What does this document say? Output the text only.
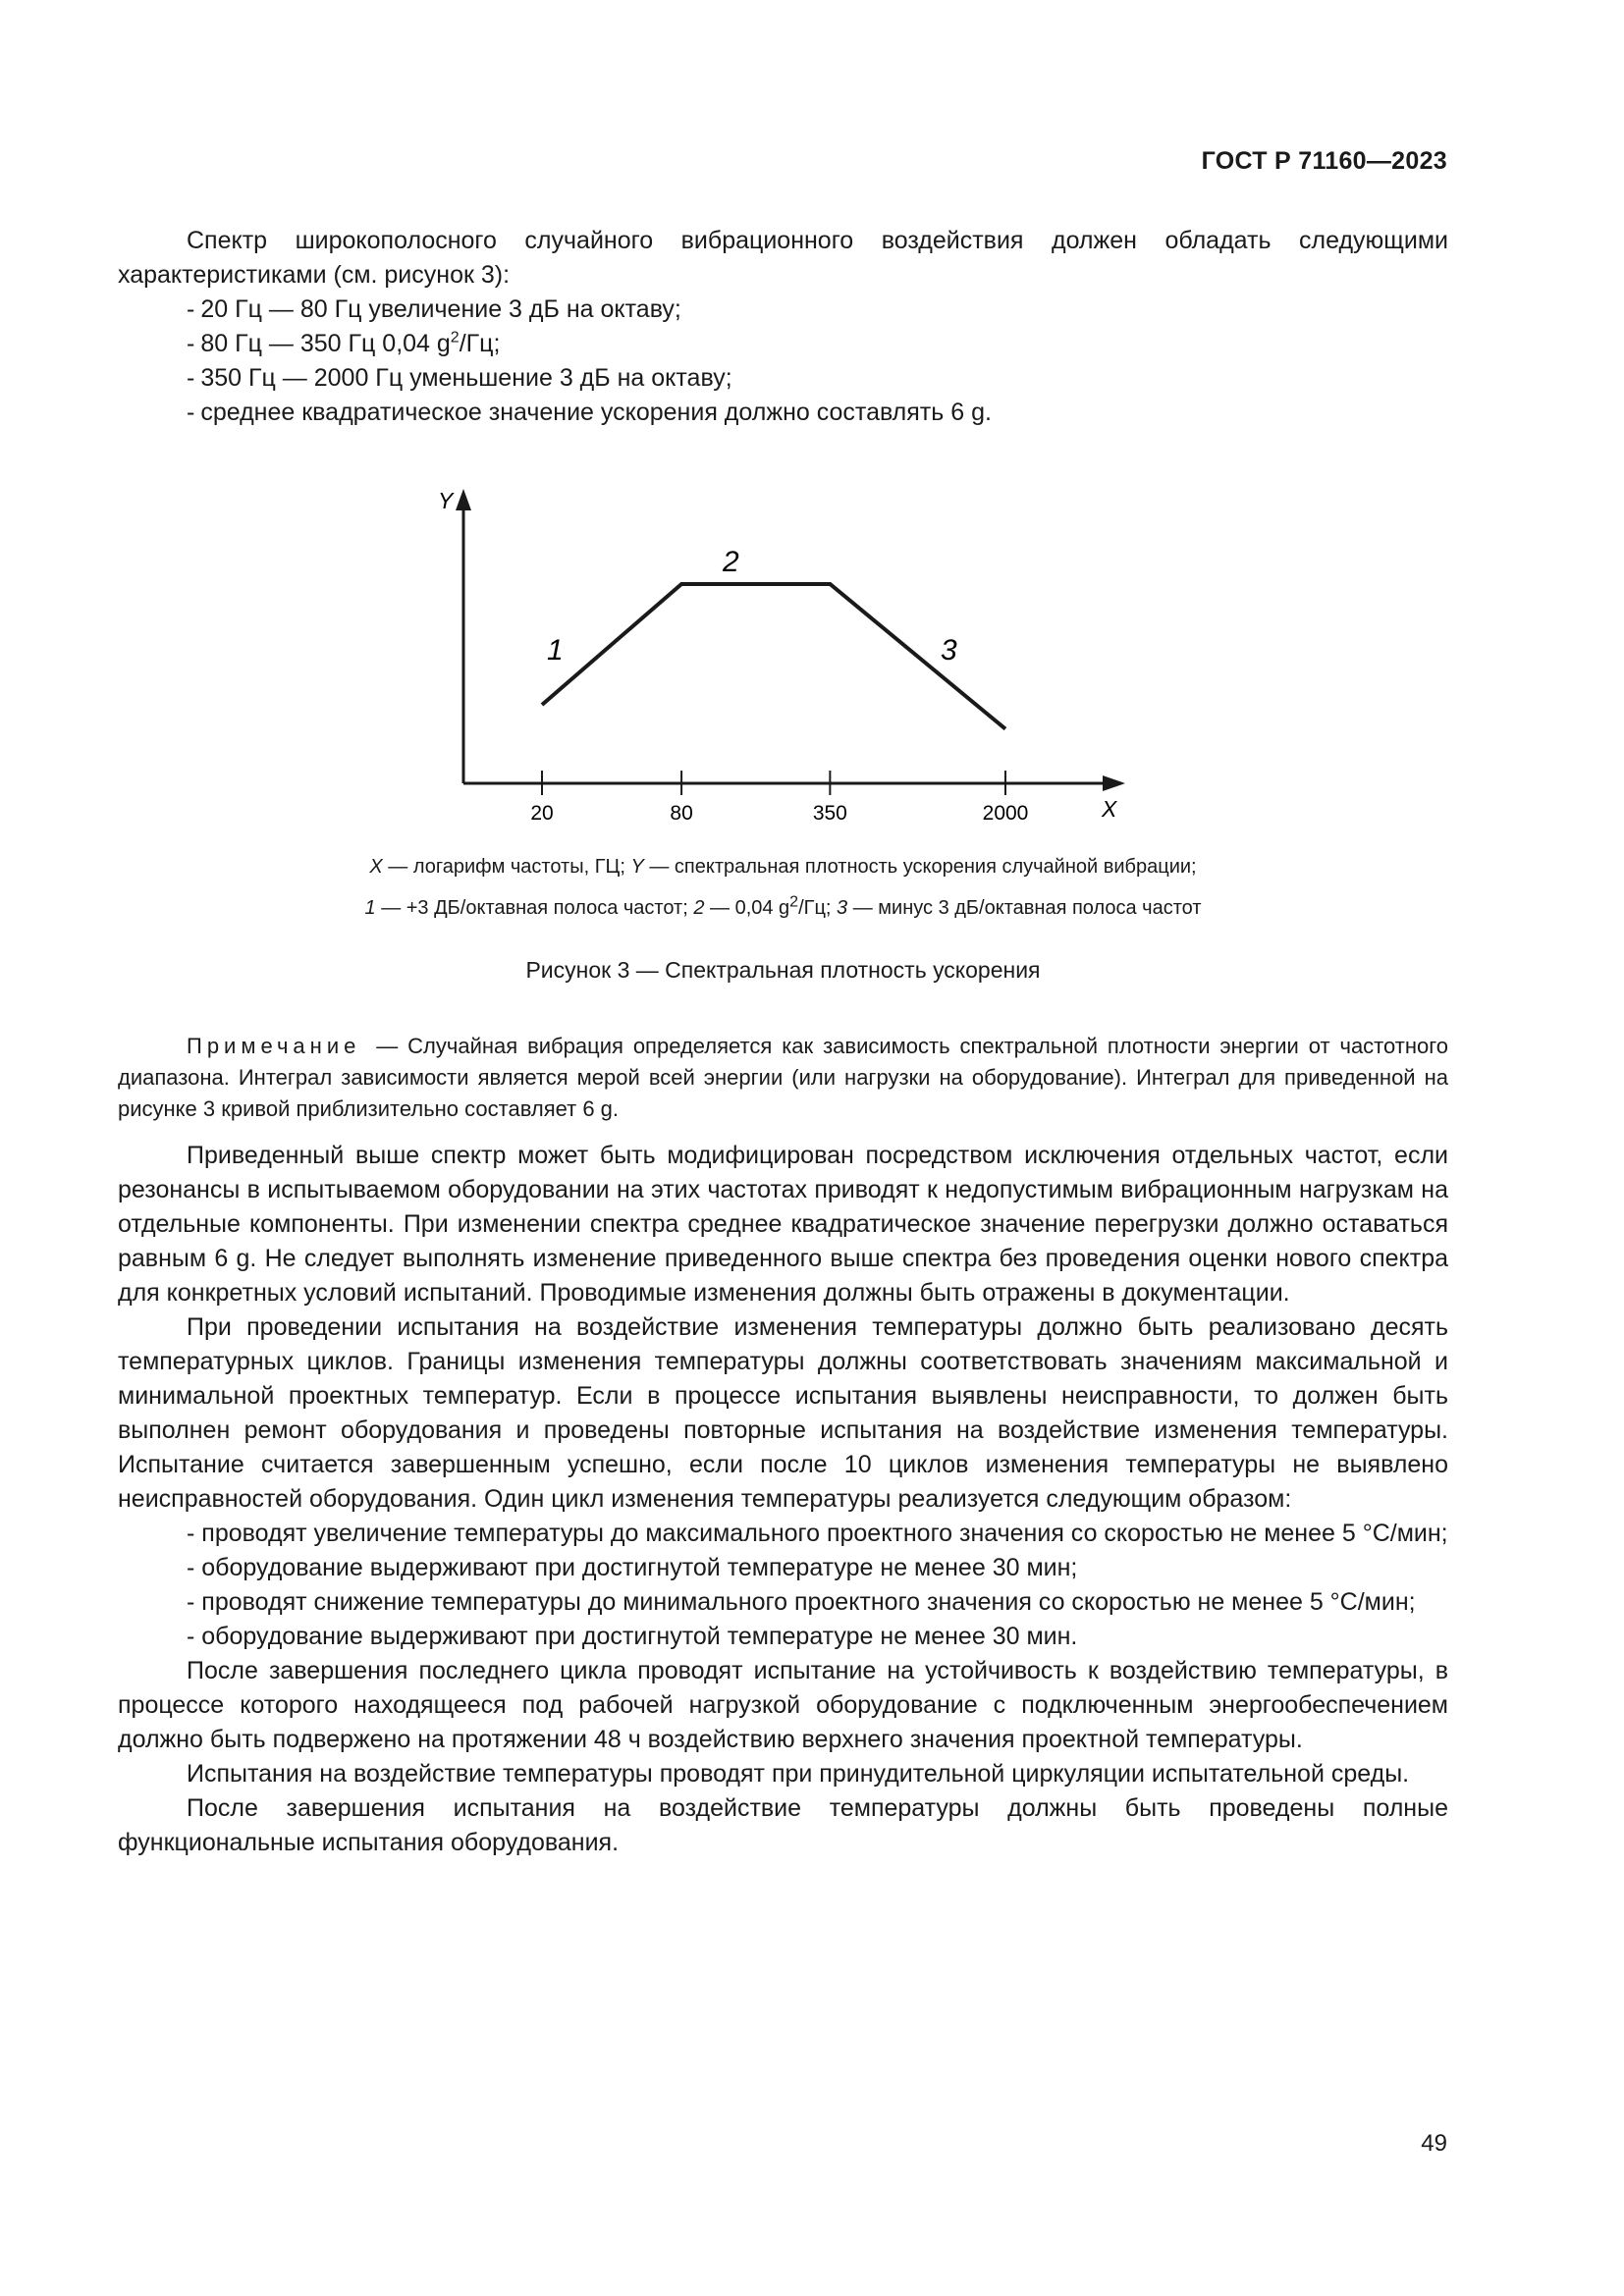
ГОСТ Р 71160—2023

Спектр широкополосного случайного вибрационного воздействия должен обладать следующими характеристиками (см. рисунок 3):

- 20 Гц — 80 Гц увеличение 3 дБ на октаву;

- 80 Гц — 350 Гц 0,04 $g^2/Гц$;

- 350 Гц — 2000 Гц уменьшение 3 дБ на октаву;

- среднее квадратическое значение ускорения должно составлять 6 g.

Y
X
20	80	350	2000
1
2
3
X — логарифм частоты, ГЦ; Y — спектральная плотность ускорения случайной вибрации;
1 — +3 ДБ/октавная полоса частот; 2 — 0,04 $g^2/Гц$; 3 — минус 3 дБ/октавная полоса частот
Рисунок 3 — Спектральная плотность ускорения

Примечание — Случайная вибрация определяется как зависимость спектральной плотности энергии от частотного диапазона. Интеграл зависимости является мерой всей энергии (или нагрузки на оборудование). Интеграл для приведенной на рисунке 3 кривой приблизительно составляет 6 g.

Приведенный выше спектр может быть модифицирован посредством исключения отдельных частот, если резонансы в испытываемом оборудовании на этих частотах приводят к недопустимым вибрационным нагрузкам на отдельные компоненты. При изменении спектра среднее квадратическое значение перегрузки должно оставаться равным 6 g. Не следует выполнять изменение приведенного выше спектра без проведения оценки нового спектра для конкретных условий испытаний. Проводимые изменения должны быть отражены в документации.

При проведении испытания на воздействие изменения температуры должно быть реализовано десять температурных циклов. Границы изменения температуры должны соответствовать значениям максимальной и минимальной проектных температур. Если в процессе испытания выявлены неисправности, то должен быть выполнен ремонт оборудования и проведены повторные испытания на воздействие изменения температуры. Испытание считается завершенным успешно, если после 10 циклов изменения температуры не выявлено неисправностей оборудования. Один цикл изменения температуры реализуется следующим образом:

- проводят увеличение температуры до максимального проектного значения со скоростью не менее 5 °С/мин;

- оборудование выдерживают при достигнутой температуре не менее 30 мин;

- проводят снижение температуры до минимального проектного значения со скоростью не менее 5 °С/мин;

- оборудование выдерживают при достигнутой температуре не менее 30 мин.

После завершения последнего цикла проводят испытание на устойчивость к воздействию температуры, в процессе которого находящееся под рабочей нагрузкой оборудование с подключенным энергообеспечением должно быть подвержено на протяжении 48 ч воздействию верхнего значения проектной температуры.

Испытания на воздействие температуры проводят при принудительной циркуляции испытательной среды.

После завершения испытания на воздействие температуры должны быть проведены полные функциональные испытания оборудования.

49
